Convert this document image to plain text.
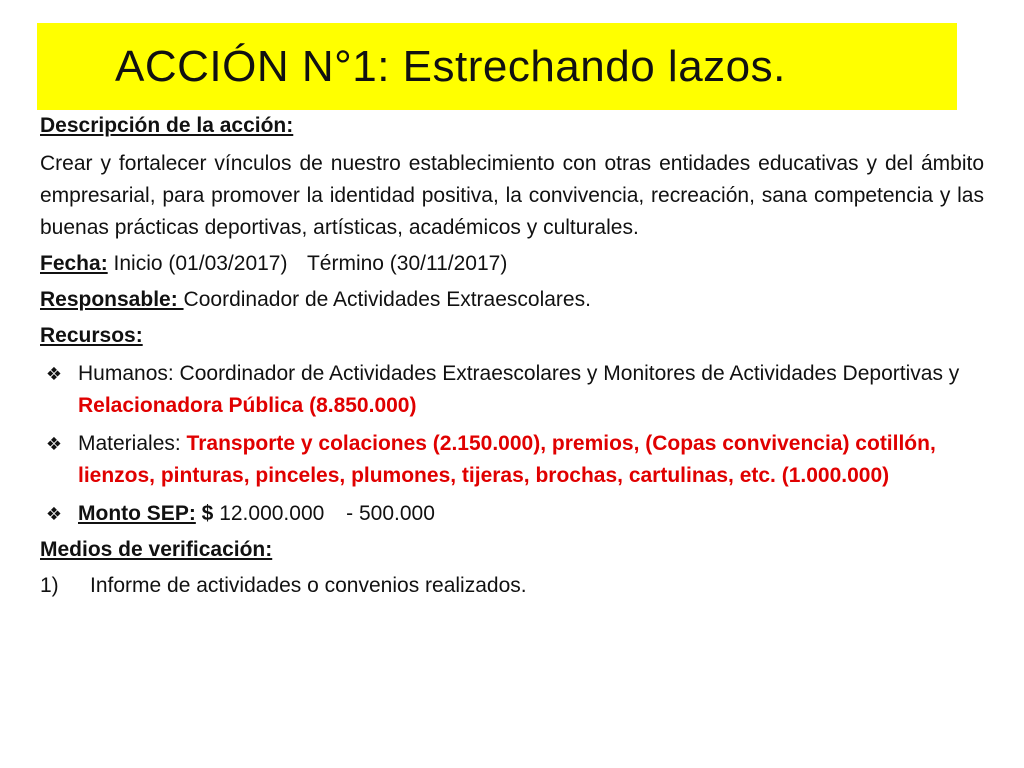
ACCIÓN N°1: Estrechando lazos.
Descripción de la acción:
Crear y fortalecer vínculos de nuestro establecimiento con otras entidades educativas y del ámbito empresarial, para promover la identidad positiva, la convivencia, recreación, sana competencia y las buenas prácticas deportivas, artísticas, académicos y culturales.
Fecha: Inicio (01/03/2017) Término (30/11/2017)
Responsable: Coordinador de Actividades Extraescolares.
Recursos:
❖ Humanos: Coordinador de Actividades Extraescolares y Monitores de Actividades Deportivas y Relacionadora Pública (8.850.000)
❖ Materiales: Transporte y colaciones (2.150.000), premios, (Copas convivencia) cotillón, lienzos, pinturas, pinceles, plumones, tijeras, brochas, cartulinas, etc. (1.000.000)
❖ Monto SEP: $ 12.000.000 - 500.000
Medios de verificación:
1) Informe de actividades o convenios realizados.
